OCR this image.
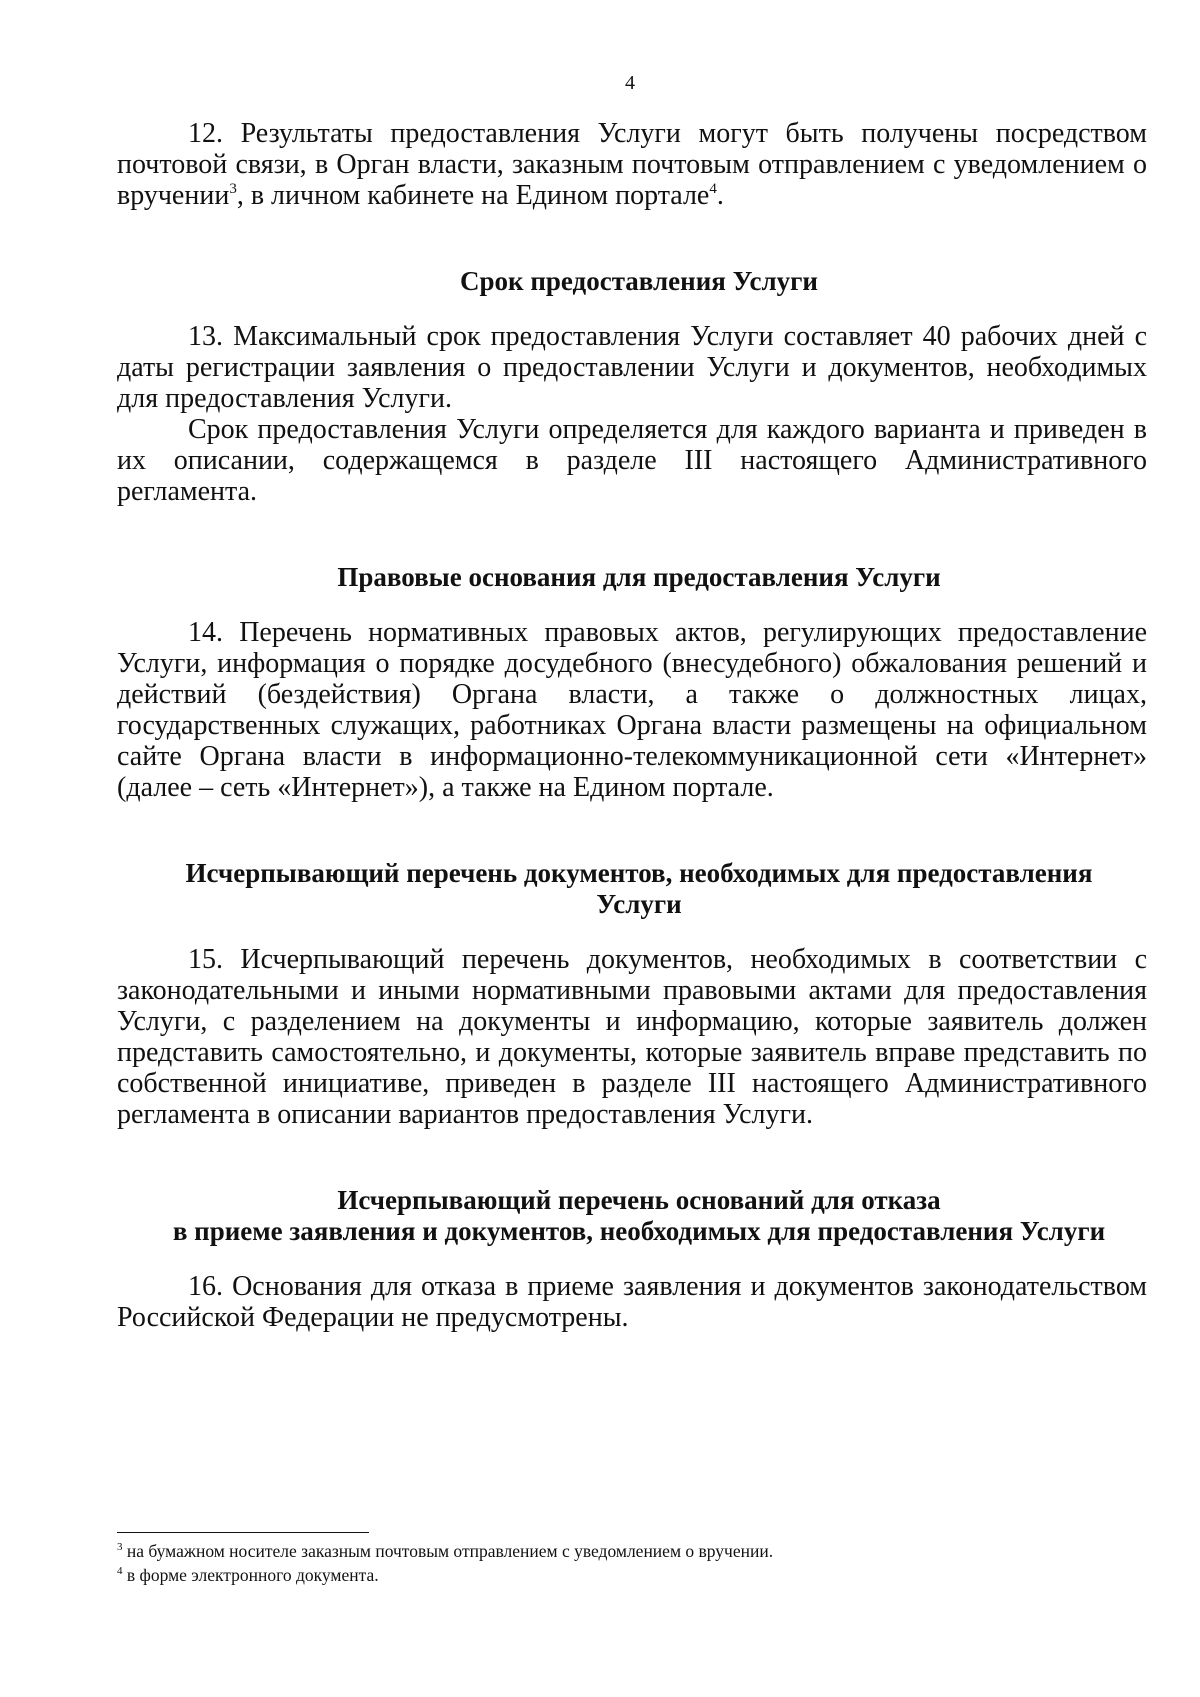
4

12. Результаты предоставления Услуги могут быть получены посредством почтовой связи, в Орган власти, заказным почтовым отправлением с уведомлением о вручении$^3$, в личном кабинете на Едином портале$^4$.

Срок предоставления Услуги

13. Максимальный срок предоставления Услуги составляет 40 рабочих дней с даты регистрации заявления о предоставлении Услуги и документов, необходимых для предоставления Услуги.

Срок предоставления Услуги определяется для каждого варианта и приведен в их описании, содержащемся в разделе III настоящего Административного регламента.

Правовые основания для предоставления Услуги

14. Перечень нормативных правовых актов, регулирующих предоставление Услуги, информация о порядке досудебного (внесудебного) обжалования решений и действий (бездействия) Органа власти, а также о должностных лицах, государственных служащих, работниках Органа власти размещены на официальном сайте Органа власти в информационно-телекоммуникационной сети «Интернет» (далее – сеть «Интернет»), а также на Едином портале.

Исчерпывающий перечень документов, необходимых для предоставления
Услуги

15. Исчерпывающий перечень документов, необходимых в соответствии с законодательными и иными нормативными правовыми актами для предоставления Услуги, с разделением на документы и информацию, которые заявитель должен представить самостоятельно, и документы, которые заявитель вправе представить по собственной инициативе, приведен в разделе III настоящего Административного регламента в описании вариантов предоставления Услуги.

Исчерпывающий перечень оснований для отказа
в приеме заявления и документов, необходимых для предоставления Услуги

16. Основания для отказа в приеме заявления и документов законодательством Российской Федерации не предусмотрены.

$^3$ на бумажном носителе заказным почтовым отправлением с уведомлением о вручении.
$^4$ в форме электронного документа.
